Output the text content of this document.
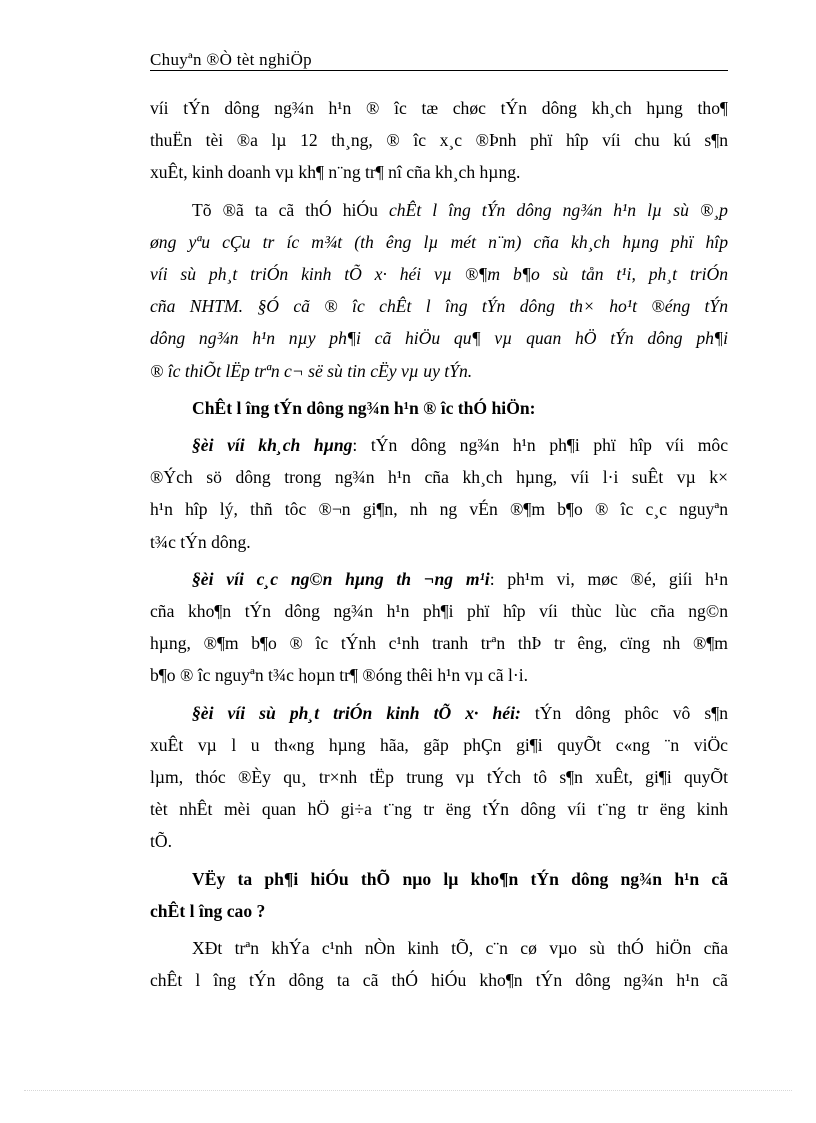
Chuyªn ®Ò tèt nghiÖp
víi tÝn dông ng¾n h¹n ® îc tæ chøc tÝn dông kh¸ch hµng tho¶
thuËn tèi ®a lµ 12 th¸ng, ® îc x¸c ®Þnh phï hîp víi chu kú s¶n
xuÊt, kinh doanh vµ kh¶ n¨ng tr¶ nî cña kh¸ch hµng.
Tõ ®ã ta cã thÓ hiÓu chÊt l îng tÝn dông ng¾n h¹n lµ sù ®¸p
øng yªu cÇu tr íc m¾t (th êng lµ mét n¨m) cña kh¸ch hµng phï hîp
víi sù ph¸t triÓn kinh tÕ x· héi vµ ®¶m b¶o sù tån t¹i, ph¸t triÓn
cña NHTM. §Ó cã ® îc chÊt l îng tÝn dông th× ho¹t ®éng tÝn
dông ng¾n h¹n nµy ph¶i cã hiÖu qu¶ vµ quan hÖ tÝn dông ph¶i
® îc thiÕt lËp trªn c¬ së sù tin cËy vµ uy tÝn.
ChÊt l îng tÝn dông ng¾n h¹n ® îc thÓ hiÖn:
§èi víi kh¸ch hµng: tÝn dông ng¾n h¹n ph¶i phï hîp víi môc
®Ých sö dông trong ng¾n h¹n cña kh¸ch hµng, víi l·i suÊt vµ k×
h¹n hîp lý, thñ tôc ®¬n gi¶n, nh ng vÉn ®¶m b¶o ® îc c¸c nguyªn
t¾c tÝn dông.
§èi víi c¸c ng©n hµng th ¬ng m¹i: ph¹m vi, møc ®é, giíi h¹n
cña kho¶n tÝn dông ng¾n h¹n ph¶i phï hîp víi thùc lùc cña ng©n
hµng, ®¶m b¶o ® îc tÝnh c¹nh tranh trªn thÞ tr êng, cïng nh ®¶m
b¶o ® îc nguyªn t¾c hoµn tr¶ ®óng thêi h¹n vµ cã l·i.
§èi víi sù ph¸t triÓn kinh tÕ x· héi: tÝn dông phôc vô s¶n
xuÊt vµ l u th«ng hµng hãa, gãp phÇn gi¶i quyÕt c«ng ¨n viÖc
lµm, thóc ®Èy qu¸ tr×nh tËp trung vµ tÝch tô s¶n xuÊt, gi¶i quyÕt
tèt nhÊt mèi quan hÖ gi÷a t¨ng tr ëng tÝn dông víi t¨ng tr ëng kinh
tÕ.
VËy ta ph¶i hiÓu thÕ nµo lµ kho¶n tÝn dông ng¾n h¹n cã
chÊt l îng cao ?
XÐt trªn khÝa c¹nh nÒn kinh tÕ, c¨n cø vµo sù thÓ hiÖn cña
chÊt l îng tÝn dông ta cã thÓ hiÓu kho¶n tÝn dông ng¾n h¹n cã
